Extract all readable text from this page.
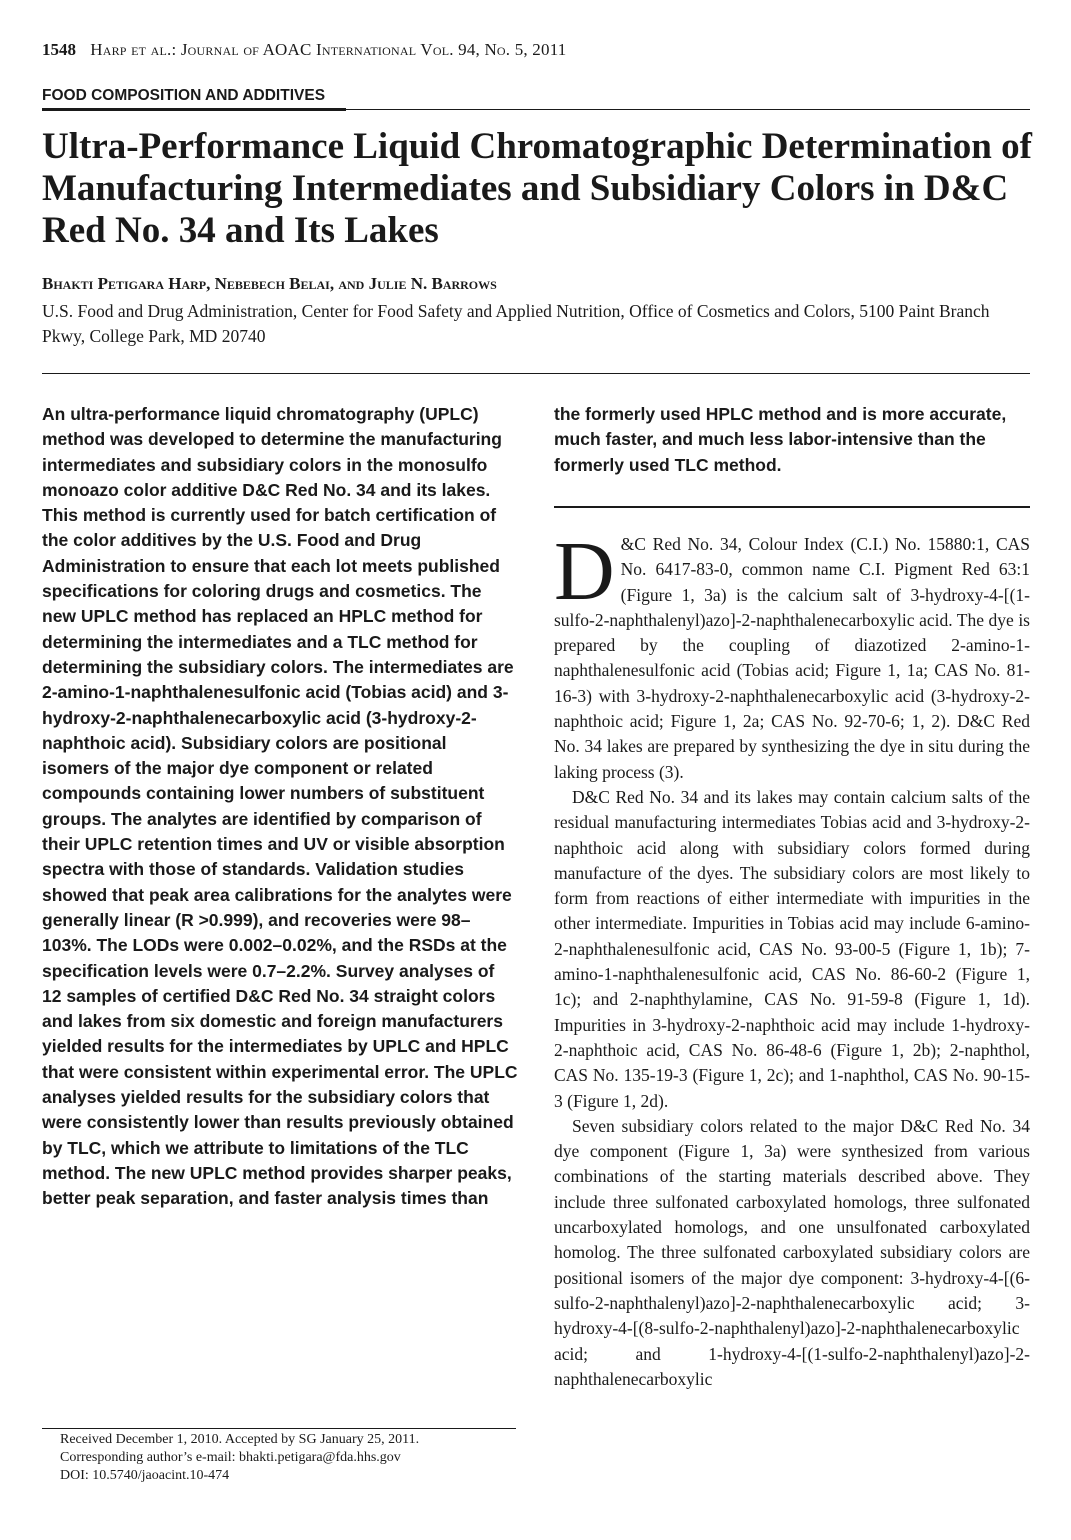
1548 Harp et al.: Journal of AOAC International Vol. 94, No. 5, 2011
FOOD COMPOSITION AND ADDITIVES
Ultra-Performance Liquid Chromatographic Determination of Manufacturing Intermediates and Subsidiary Colors in D&C Red No. 34 and Its Lakes
Bhakti Petigara Harp, Nebebech Belai, and Julie N. Barrows
U.S. Food and Drug Administration, Center for Food Safety and Applied Nutrition, Office of Cosmetics and Colors, 5100 Paint Branch Pkwy, College Park, MD 20740

An ultra-performance liquid chromatography (UPLC) method was developed to determine the manufacturing intermediates and subsidiary colors in the monosulfo monoazo color additive D&C Red No. 34 and its lakes. This method is currently used for batch certification of the color additives by the U.S. Food and Drug Administration to ensure that each lot meets published specifications for coloring drugs and cosmetics. The new UPLC method has replaced an HPLC method for determining the intermediates and a TLC method for determining the subsidiary colors. The intermediates are 2-amino-1-naphthalenesulfonic acid (Tobias acid) and 3-hydroxy-2-naphthalenecarboxylic acid (3-hydroxy-2-naphthoic acid). Subsidiary colors are positional isomers of the major dye component or related compounds containing lower numbers of substituent groups. The analytes are identified by comparison of their UPLC retention times and UV or visible absorption spectra with those of standards. Validation studies showed that peak area calibrations for the analytes were generally linear (R >0.999), and recoveries were 98–103%. The LODs were 0.002–0.02%, and the RSDs at the specification levels were 0.7–2.2%. Survey analyses of 12 samples of certified D&C Red No. 34 straight colors and lakes from six domestic and foreign manufacturers yielded results for the intermediates by UPLC and HPLC that were consistent within experimental error. The UPLC analyses yielded results for the subsidiary colors that were consistently lower than results previously obtained by TLC, which we attribute to limitations of the TLC method. The new UPLC method provides sharper peaks, better peak separation, and faster analysis times than

the formerly used HPLC method and is more accurate, much faster, and much less labor-intensive than the formerly used TLC method.

D &C Red No. 34, Colour Index (C.I.) No. 15880:1, CAS No. 6417-83-0, common name C.I. Pigment Red 63:1 (Figure 1, 3a) is the calcium salt of 3-hydroxy-4-[(1-sulfo-2-naphthalenyl)azo]-2-naphthalenecarboxylic acid. The dye is prepared by the coupling of diazotized 2-amino-1-naphthalenesulfonic acid (Tobias acid; Figure 1, 1a; CAS No. 81-16-3) with 3-hydroxy-2-naphthalenecarboxylic acid (3-hydroxy-2-naphthoic acid; Figure 1, 2a; CAS No. 92-70-6; 1, 2). D&C Red No. 34 lakes are prepared by synthesizing the dye in situ during the laking process (3).

D&C Red No. 34 and its lakes may contain calcium salts of the residual manufacturing intermediates Tobias acid and 3-hydroxy-2-naphthoic acid along with subsidiary colors formed during manufacture of the dyes. The subsidiary colors are most likely to form from reactions of either intermediate with impurities in the other intermediate. Impurities in Tobias acid may include 6-amino-2-naphthalenesulfonic acid, CAS No. 93-00-5 (Figure 1, 1b); 7-amino-1-naphthalenesulfonic acid, CAS No. 86-60-2 (Figure 1, 1c); and 2-naphthylamine, CAS No. 91-59-8 (Figure 1, 1d). Impurities in 3-hydroxy-2-naphthoic acid may include 1-hydroxy-2-naphthoic acid, CAS No. 86-48-6 (Figure 1, 2b); 2-naphthol, CAS No. 135-19-3 (Figure 1, 2c); and 1-naphthol, CAS No. 90-15-3 (Figure 1, 2d).

Seven subsidiary colors related to the major D&C Red No. 34 dye component (Figure 1, 3a) were synthesized from various combinations of the starting materials described above. They include three sulfonated carboxylated homologs, three sulfonated uncarboxylated homologs, and one unsulfonated carboxylated homolog. The three sulfonated carboxylated subsidiary colors are positional isomers of the major dye component: 3-hydroxy-4-[(6-sulfo-2-naphthalenyl)azo]-2-naphthalenecarboxylic acid; 3-hydroxy-4-[(8-sulfo-2-naphthalenyl)azo]-2-naphthalenecarboxylic acid; and 1-hydroxy-4-[(1-sulfo-2-naphthalenyl)azo]-2-naphthalenecarboxylic

Received December 1, 2010. Accepted by SG January 25, 2011.
Corresponding author’s e-mail: bhakti.petigara@fda.hhs.gov
DOI: 10.5740/jaoacint.10-474
